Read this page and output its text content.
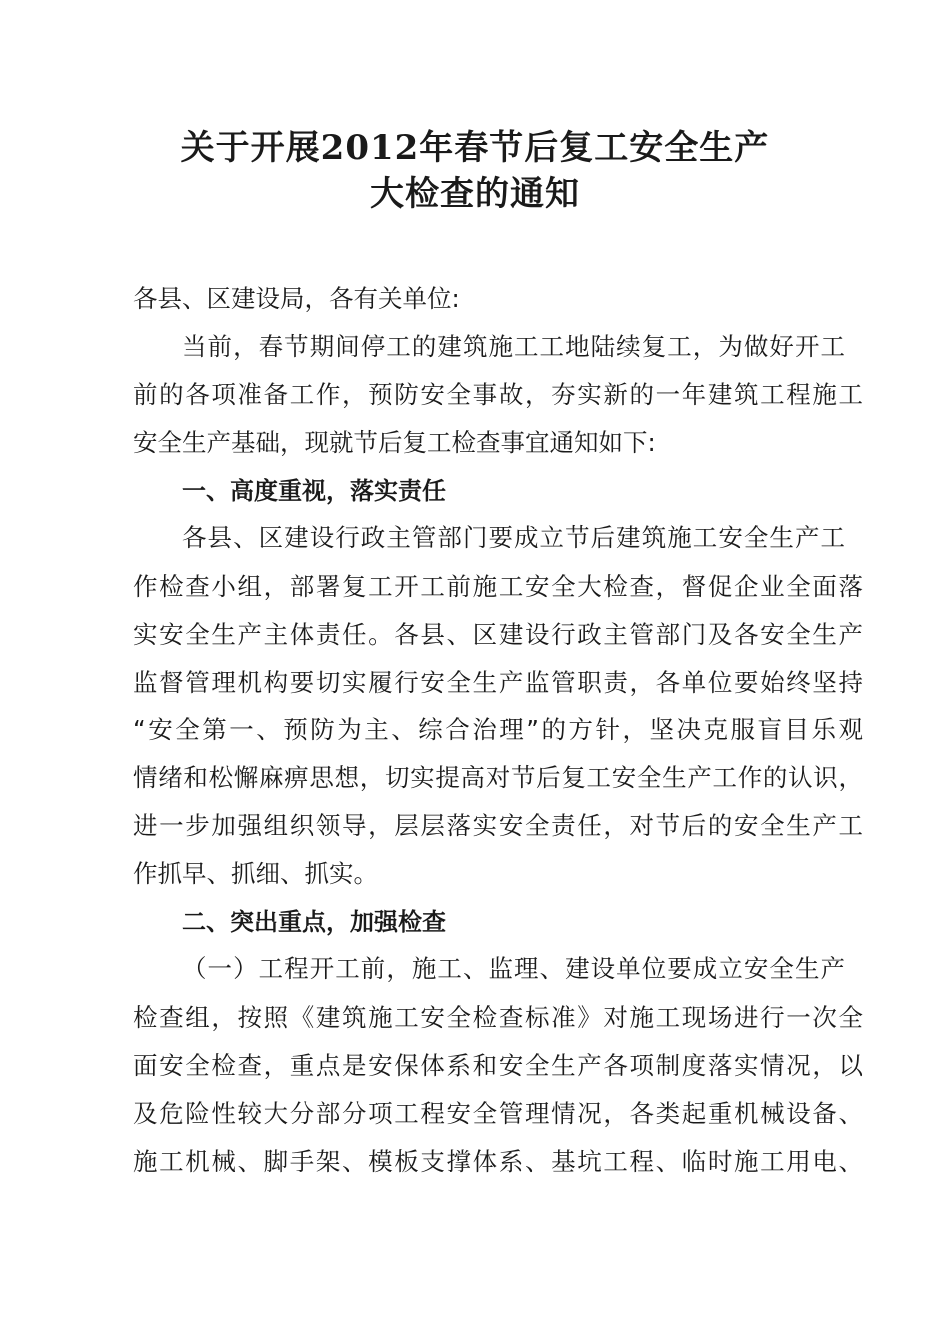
关于开展2012年春节后复工安全生产
大检查的通知
各县、区建设局，各有关单位:
当前，春节期间停工的建筑施工工地陆续复工，为做好开工
前的各项准备工作，预防安全事故，夯实新的一年建筑工程施工
安全生产基础，现就节后复工检查事宜通知如下:
一、高度重视，落实责任
各县、区建设行政主管部门要成立节后建筑施工安全生产工
作检查小组，部署复工开工前施工安全大检查，督促企业全面落
实安全生产主体责任。各县、区建设行政主管部门及各安全生产
监督管理机构要切实履行安全生产监管职责，各单位要始终坚持
“安全第一、预防为主、综合治理”的方针，坚决克服盲目乐观
情绪和松懈麻痹思想，切实提高对节后复工安全生产工作的认识，
进一步加强组织领导，层层落实安全责任，对节后的安全生产工
作抓早、抓细、抓实。
二、突出重点，加强检查
（一）工程开工前，施工、监理、建设单位要成立安全生产
检查组，按照《建筑施工安全检查标准》对施工现场进行一次全
面安全检查，重点是安保体系和安全生产各项制度落实情况，以
及危险性较大分部分项工程安全管理情况，各类起重机械设备、
施工机械、脚手架、模板支撑体系、基坑工程、临时施工用电、
